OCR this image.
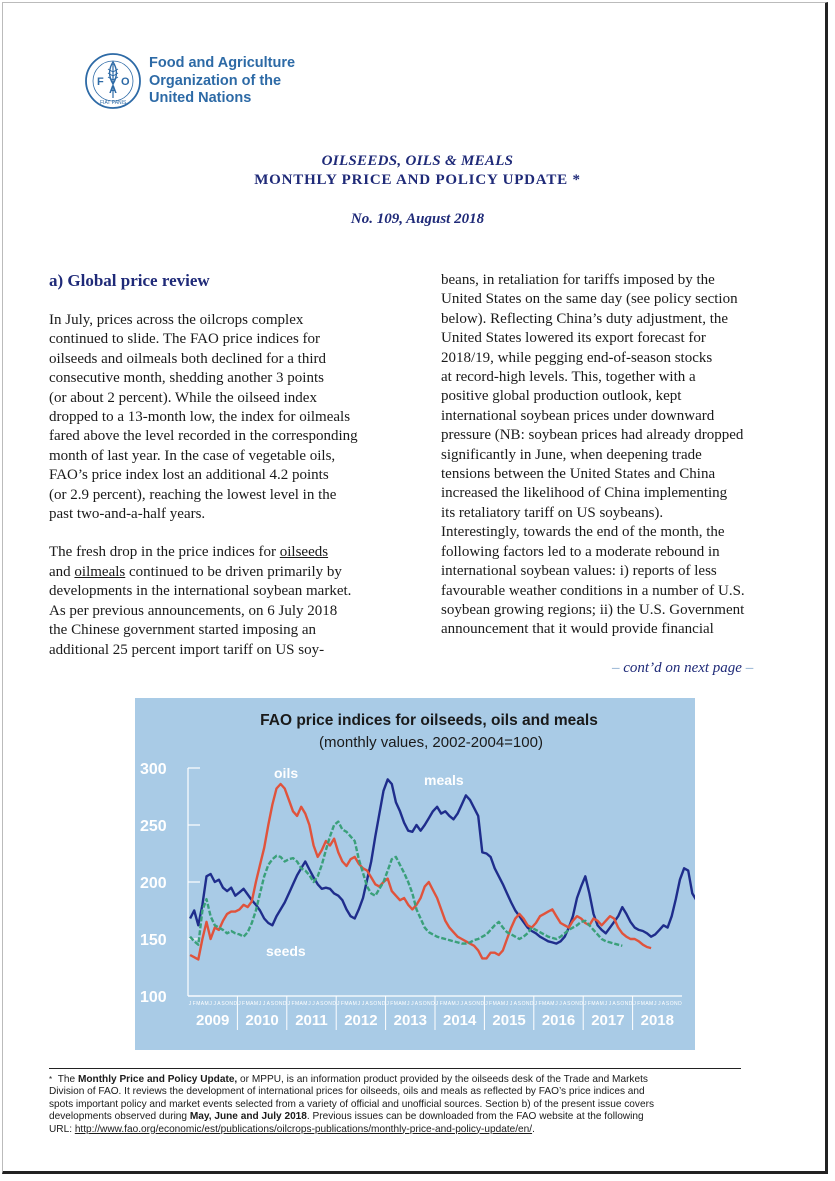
F
A
O
FIAT PANIS
Food and Agriculture
Organization of the
United Nations
OILSEEDS, OILS & MEALS
MONTHLY PRICE AND POLICY UPDATE *
No. 109, August 2018
a) Global price review

In July, prices across the oilcrops complex
continued to slide. The FAO price indices for
oilseeds and oilmeals both declined for a third
consecutive month, shedding another 3 points
(or about 2 percent). While the oilseed index
dropped to a 13-month low, the index for oilmeals
fared above the level recorded in the corresponding
month of last year. In the case of vegetable oils,
FAO’s price index lost an additional 4.2 points
(or 2.9 percent), reaching the lowest level in the
past two-and-a-half years.

The fresh drop in the price indices for oilseeds
and oilmeals continued to be driven primarily by
developments in the international soybean market.
As per previous announcements, on 6 July 2018
the Chinese government started imposing an
additional 25 percent import tariff on US soy-

beans, in retaliation for tariffs imposed by the
United States on the same day (see policy section
below). Reflecting China’s duty adjustment, the
United States lowered its export forecast for
2018/19, while pegging end-of-season stocks
at record-high levels. This, together with a
positive global production outlook, kept
international soybean prices under downward
pressure (NB: soybean prices had already dropped
significantly in June, when deepening trade
tensions between the United States and China
increased the likelihood of China implementing
its retaliatory tariff on US soybeans).
Interestingly, towards the end of the month, the
following factors led to a moderate rebound in
international soybean values: i) reports of less
favourable weather conditions in a number of U.S.
soybean growing regions; ii) the U.S. Government
announcement that it would provide financial
– cont’d on next page –
FAO price indices for oilseeds, oils and meals
(monthly values, 2002-2004=100)
100
150
200
250
300
J F M A M J J A S O N D
2009
J F M A M J J A S O N D
2010
J F M A M J J A S O N D
2011
J F M A M J J A S O N D
2012
J F M A M J J A S O N D
2013
J F M A M J J A S O N D
2014
J F M A M J J A S O N D
2015
J F M A M J J A S O N D
2016
J F M A M J J A S O N D
2017
J F M A M J J A S O N D
2018
oils	meals
seeds
* The Monthly Price and Policy Update, or MPPU, is an information product provided by the oilseeds desk of the Trade and Markets
Division of FAO. It reviews the development of international prices for oilseeds, oils and meals as reflected by FAO’s price indices and
spots important policy and market events selected from a variety of official and unofficial sources. Section b) of the present issue covers
developments observed during May, June and July 2018. Previous issues can be downloaded from the FAO website at the following
URL: http://www.fao.org/economic/est/publications/oilcrops-publications/monthly-price-and-policy-update/en/.
